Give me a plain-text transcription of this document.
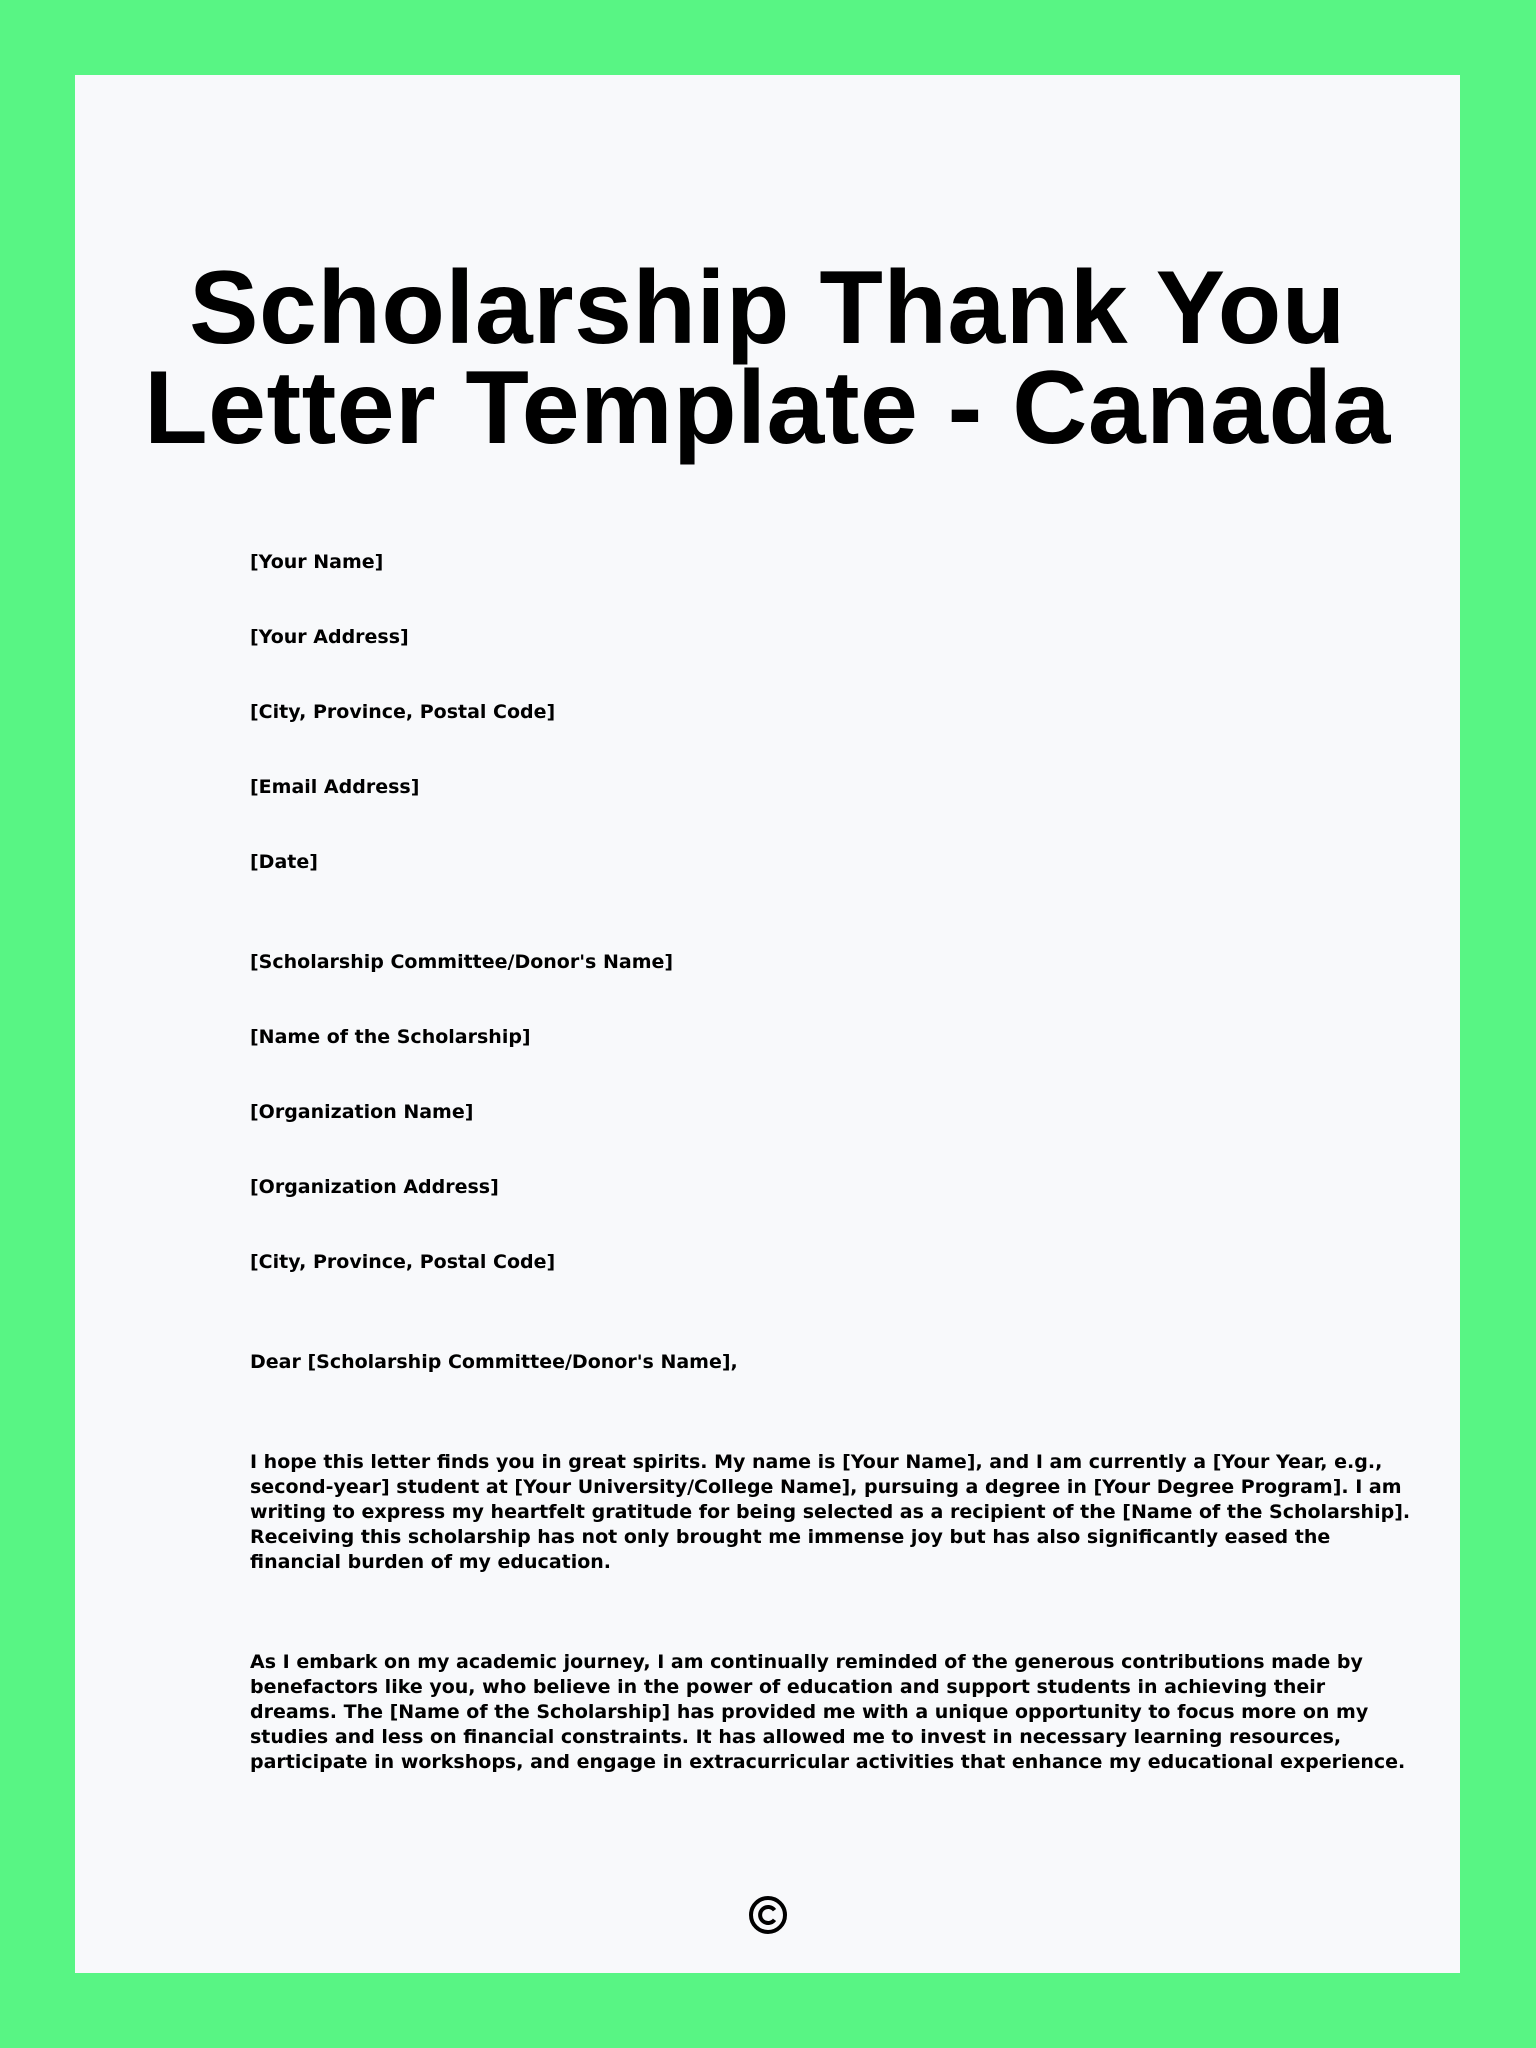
Scholarship Thank You
Letter Template - Canada

[Your Name]

[Your Address]

[City, Province, Postal Code]

[Email Address]

[Date]

[Scholarship Committee/Donor's Name]

[Name of the Scholarship]

[Organization Name]

[Organization Address]

[City, Province, Postal Code]

Dear [Scholarship Committee/Donor's Name],

I hope this letter finds you in great spirits. My name is [Your Name], and I am currently a [Your Year, e.g.,
second-year] student at [Your University/College Name], pursuing a degree in [Your Degree Program]. I am
writing to express my heartfelt gratitude for being selected as a recipient of the [Name of the Scholarship].
Receiving this scholarship has not only brought me immense joy but has also significantly eased the
financial burden of my education.
As I embark on my academic journey, I am continually reminded of the generous contributions made by
benefactors like you, who believe in the power of education and support students in achieving their
dreams. The [Name of the Scholarship] has provided me with a unique opportunity to focus more on my
studies and less on financial constraints. It has allowed me to invest in necessary learning resources,
participate in workshops, and engage in extracurricular activities that enhance my educational experience.
